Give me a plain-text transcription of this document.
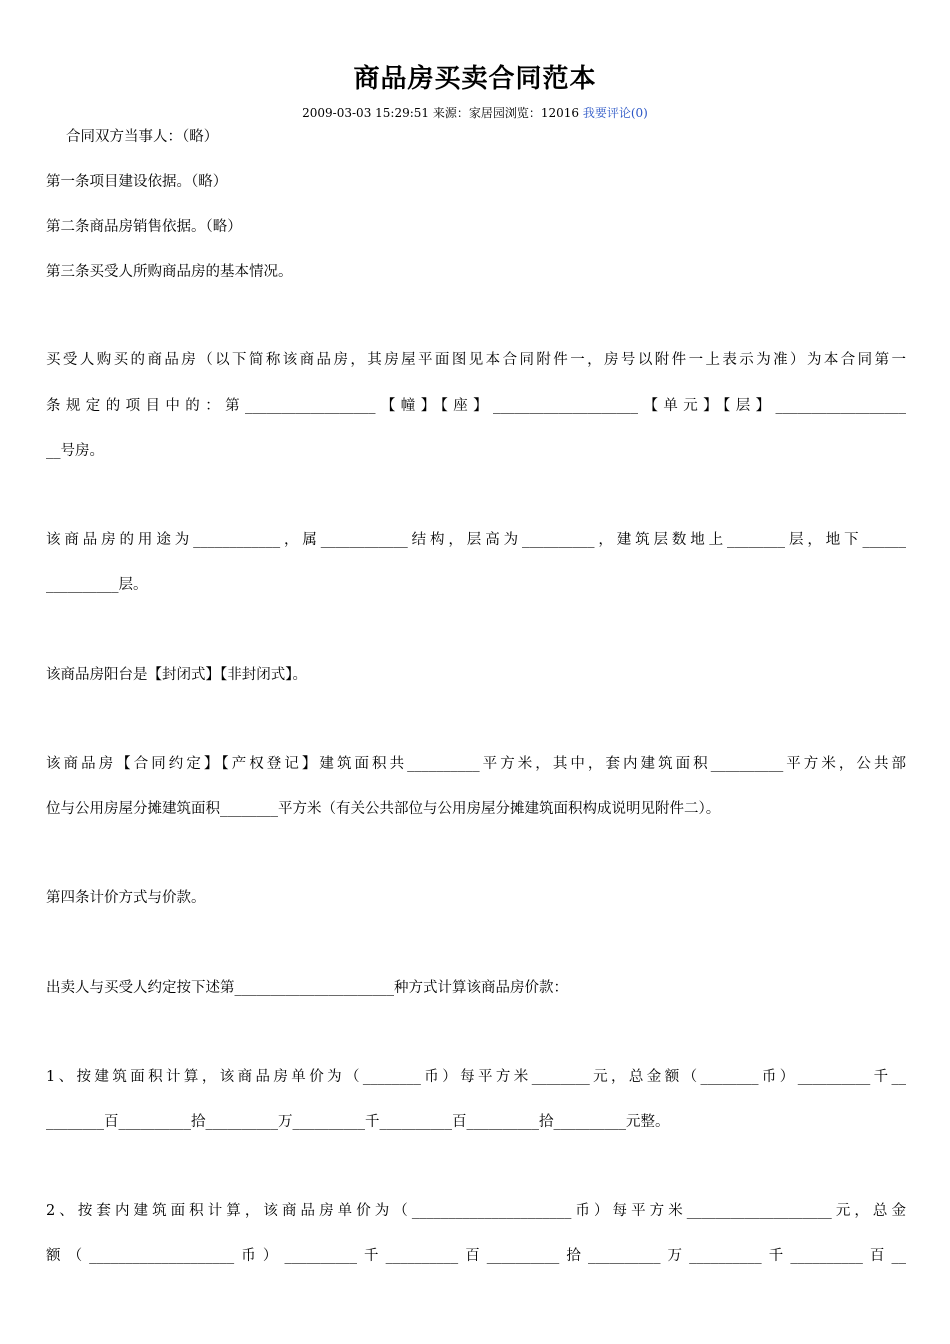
商品房买卖合同范本
2009-03-03 15:29:51 来源：家居园浏览：12016 我要评论(0)
合同双方当事人：（略）
第一条项目建设依据。（略）
第二条商品房销售依据。（略）
第三条买受人所购商品房的基本情况。
买受人购买的商品房（以下简称该商品房，其房屋平面图见本合同附件一，房号以附件一上表示为准）为本合同第一
条规定的项目中的：第__________________【幢】【座】____________________【单元】【层】__________________
__号房。
该商品房的用途为____________，属____________结构，层高为__________，建筑层数地上________层，地下______
__________层。
该商品房阳台是【封闭式】【非封闭式】。
该商品房【合同约定】【产权登记】建筑面积共__________平方米，其中，套内建筑面积__________平方米，公共部
位与公用房屋分摊建筑面积________平方米（有关公共部位与公用房屋分摊建筑面积构成说明见附件二）。
第四条计价方式与价款。
出卖人与买受人约定按下述第______________________种方式计算该商品房价款：
1、按建筑面积计算，该商品房单价为（________币）每平方米________元，总金额（________币）__________千__
________百__________拾__________万__________千__________百__________拾__________元整。
2、按套内建筑面积计算，该商品房单价为（______________________币）每平方米____________________元，总金
额（____________________币）__________千__________百__________拾__________万__________千__________百__
